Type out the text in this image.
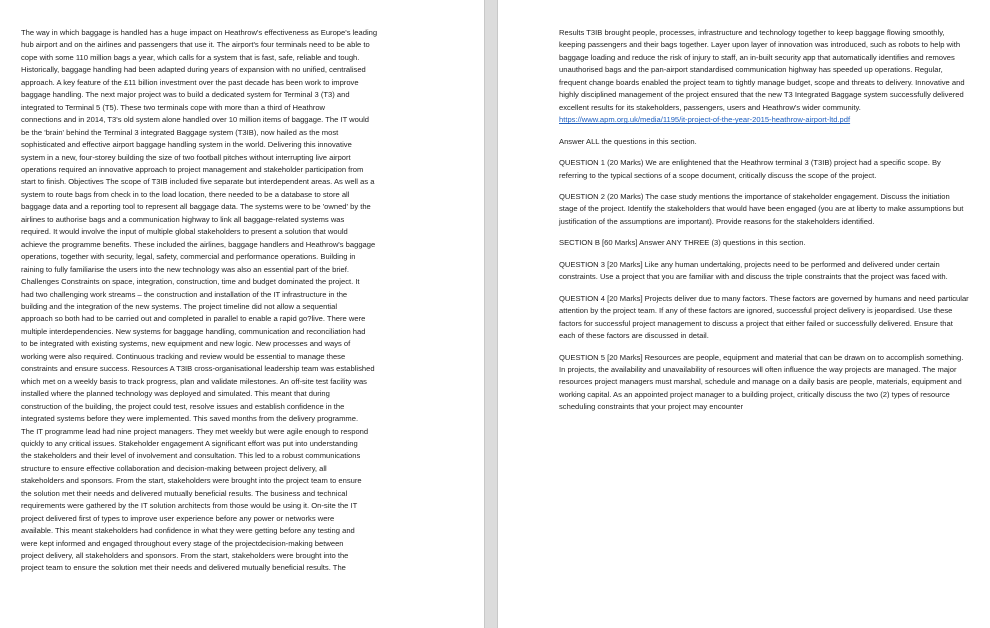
The way in which baggage is handled has a huge impact on Heathrow's effectiveness as Europe's leading
hub airport and on the airlines and passengers that use it. The airport's four terminals need to be able to
cope with some 110 million bags a year, which calls for a system that is fast, safe, reliable and tough.
Historically, baggage handling had been adapted during years of expansion with no unified, centralised
approach. A key feature of the £11 billion investment over the past decade has been work to improve
baggage handling. The next major project was to build a dedicated system for Terminal 3 (T3) and
integrated to Terminal 5 (T5). These two terminals cope with more than a third of Heathrow
connections and in 2014, T3's old system alone handled over 10 million items of baggage. The IT would
be the 'brain' behind the Terminal 3 integrated Baggage system (T3IB), now hailed as the most
sophisticated and effective airport baggage handling system in the world. Delivering this innovative
system in a new, four-storey building the size of two football pitches without interrupting live airport
operations required an innovative approach to project management and stakeholder participation from
start to finish. Objectives The scope of T3IB included five separate but interdependent areas. As well as a
system to route bags from check in to the load location, there needed to be a database to store all
baggage data and a reporting tool to represent all baggage data. The systems were to be 'owned' by the
airlines to authorise bags and a communication highway to link all baggage-related systems was
required. It would involve the input of multiple global stakeholders to present a solution that would
achieve the programme benefits. These included the airlines, baggage handlers and Heathrow's baggage
operations, together with security, legal, safety, commercial and performance operations. Building in
raining to fully familiarise the users into the new technology was also an essential part of the brief.
Challenges Constraints on space, integration, construction, time and budget dominated the project. It
had two challenging work streams – the construction and installation of the IT infrastructure in the
building and the integration of the new systems. The project timeline did not allow a sequential
approach so both had to be carried out and completed in parallel to enable a rapid go?live. There were
multiple interdependencies. New systems for baggage handling, communication and reconciliation had
to be integrated with existing systems, new equipment and new logic. New processes and ways of
working were also required. Continuous tracking and review would be essential to manage these
constraints and ensure success. Resources A T3IB cross-organisational leadership team was established
which met on a weekly basis to track progress, plan and validate milestones. An off-site test facility was
installed where the planned technology was deployed and simulated. This meant that during
construction of the building, the project could test, resolve issues and establish confidence in the
integrated systems before they were implemented. This saved months from the delivery programme.
The IT programme lead had nine project managers. They met weekly but were agile enough to respond
quickly to any critical issues. Stakeholder engagement A significant effort was put into understanding
the stakeholders and their level of involvement and consultation. This led to a robust communications
structure to ensure effective collaboration and decision-making between project delivery, all
stakeholders and sponsors. From the start, stakeholders were brought into the project team to ensure
the solution met their needs and delivered mutually beneficial results. The business and technical
requirements were gathered by the IT solution architects from those would be using it. On-site the IT
project delivered first of types to improve user experience before any power or networks were
available. This meant stakeholders had confidence in what they were getting before any testing and
were kept informed and engaged throughout every stage of the projectdecision-making between
project delivery, all stakeholders and sponsors. From the start, stakeholders were brought into the
project team to ensure the solution met their needs and delivered mutually beneficial results. The

Results T3IB brought people, processes, infrastructure and technology together to keep baggage flowing smoothly, keeping passengers and their bags together. Layer upon layer of innovation was introduced, such as robots to help with baggage loading and reduce the risk of injury to staff, an in-built security app that automatically identifies and removes unauthorised bags and the pan-airport standardised communication highway has speeded up operations. Regular, frequent change boards enabled the project team to tightly manage budget, scope and threats to delivery. Innovative and highly disciplined management of the project ensured that the new T3 Integrated Baggage system successfully delivered excellent results for its stakeholders, passengers, users and Heathrow's wider community.
https://www.apm.org.uk/media/1195/it-project-of-the-year-2015-heathrow-airport-ltd.pdf

Answer ALL the questions in this section.

QUESTION 1 (20 Marks) We are enlightened that the Heathrow terminal 3 (T3IB) project had a specific scope. By referring to the typical sections of a scope document, critically discuss the scope of the project.

QUESTION 2 (20 Marks) The case study mentions the importance of stakeholder engagement. Discuss the initiation stage of the project. Identify the stakeholders that would have been engaged (you are at liberty to make assumptions but justification of the assumptions are important). Provide reasons for the stakeholders identified.

SECTION B [60 Marks] Answer ANY THREE (3) questions in this section.

QUESTION 3 [20 Marks] Like any human undertaking, projects need to be performed and delivered under certain constraints. Use a project that you are familiar with and discuss the triple constraints that the project was faced with.

QUESTION 4 [20 Marks] Projects deliver due to many factors. These factors are governed by humans and need particular attention by the project team. If any of these factors are ignored, successful project delivery is jeopardised. Use these factors for successful project management to discuss a project that either failed or successfully delivered. Ensure that each of these factors are discussed in detail.

QUESTION 5 [20 Marks] Resources are people, equipment and material that can be drawn on to accomplish something. In projects, the availability and unavailability of resources will often influence the way projects are managed. The major resources project managers must marshal, schedule and manage on a daily basis are people, materials, equipment and working capital. As an appointed project manager to a building project, critically discuss the two (2) types of resource scheduling constraints that your project may encounter
